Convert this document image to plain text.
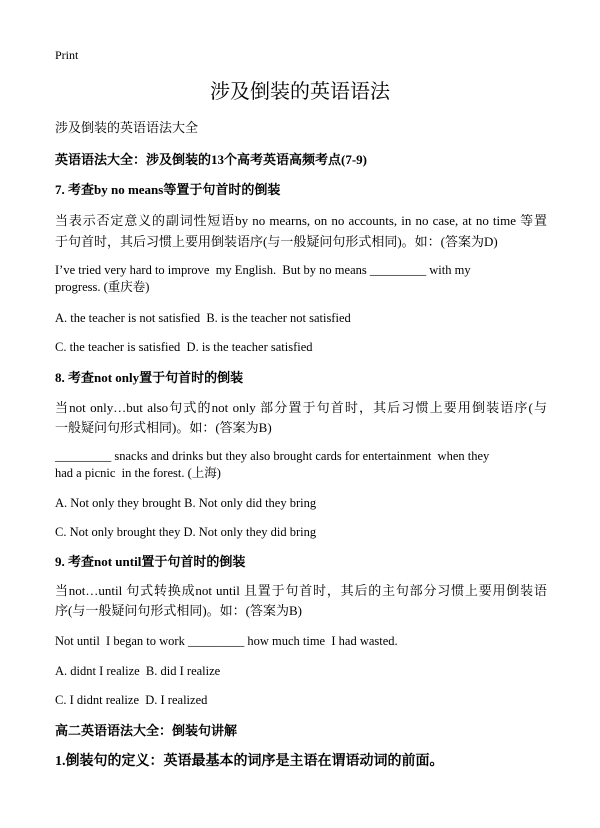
Print
涉及倒装的英语语法
涉及倒装的英语语法大全
英语语法大全：涉及倒装的13个高考英语高频考点(7-9)
7. 考查by no means等置于句首时的倒装
当表示否定意义的副词性短语by no mearns, on no accounts, in no case, at no time 等置
于句首时，其后习惯上要用倒装语序(与一般疑问句形式相同)。如：(答案为D)
I’ve tried very hard to improve  my English.  But by no means _________ with my
progress. (重庆卷)
A. the teacher is not satisfied  B. is the teacher not satisfied
C. the teacher is satisfied  D. is the teacher satisfied
8. 考查not only置于句首时的倒装
当not only…but also句式的not only 部分置于句首时，其后习惯上要用倒装语序(与
一般疑问句形式相同)。如：(答案为B)
_________ snacks and drinks but they also brought cards for entertainment  when they
had a picnic  in the forest. (上海)
A. Not only they brought B. Not only did they bring
C. Not only brought they D. Not only they did bring
9. 考查not until置于句首时的倒装
当not…until 句式转换成not until 且置于句首时，其后的主句部分习惯上要用倒装语
序(与一般疑问句形式相同)。如：(答案为B)
Not until  I began to work _________ how much time  I had wasted.
A. didnt I realize  B. did I realize
C. I didnt realize  D. I realized
高二英语语法大全：倒装句讲解
1.倒装句的定义：英语最基本的词序是主语在谓语动词的前面。
